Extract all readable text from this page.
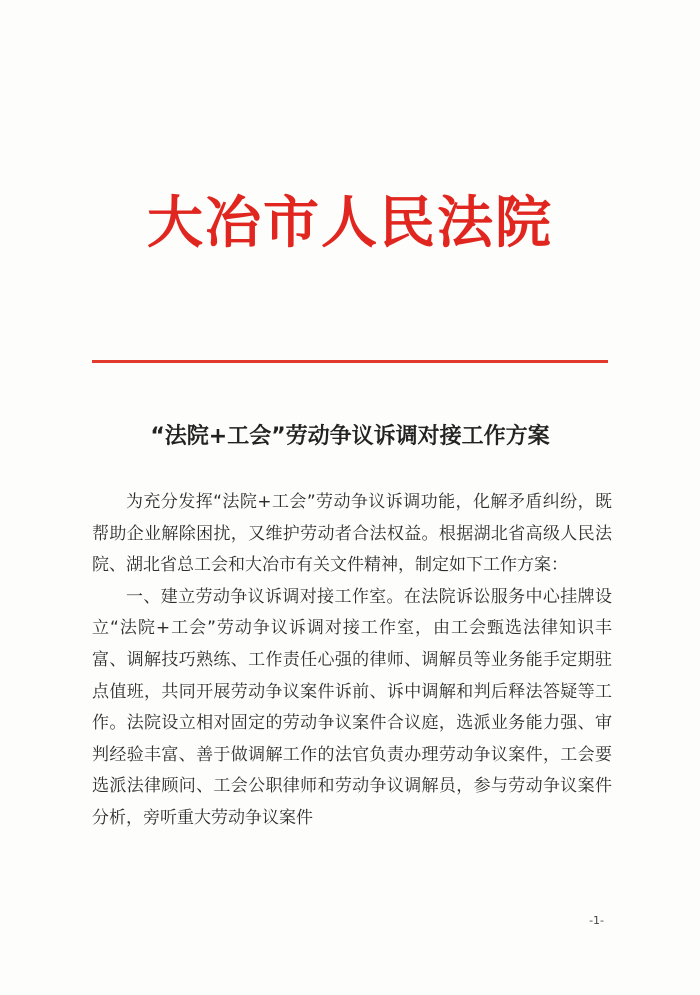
大冶市人民法院
“法院+工会”劳动争议诉调对接工作方案

为充分发挥“法院+工会”劳动争议诉调功能，化解矛盾纠纷，既帮助企业解除困扰，又维护劳动者合法权益。根据湖北省高级人民法院、湖北省总工会和大冶市有关文件精神，制定如下工作方案：

一、建立劳动争议诉调对接工作室。在法院诉讼服务中心挂牌设立“法院+工会”劳动争议诉调对接工作室，由工会甄选法律知识丰富、调解技巧熟练、工作责任心强的律师、调解员等业务能手定期驻点值班，共同开展劳动争议案件诉前、诉中调解和判后释法答疑等工作。法院设立相对固定的劳动争议案件合议庭，选派业务能力强、审判经验丰富、善于做调解工作的法官负责办理劳动争议案件，工会要选派法律顾问、工会公职律师和劳动争议调解员，参与劳动争议案件分析，旁听重大劳动争议案件

-1-
